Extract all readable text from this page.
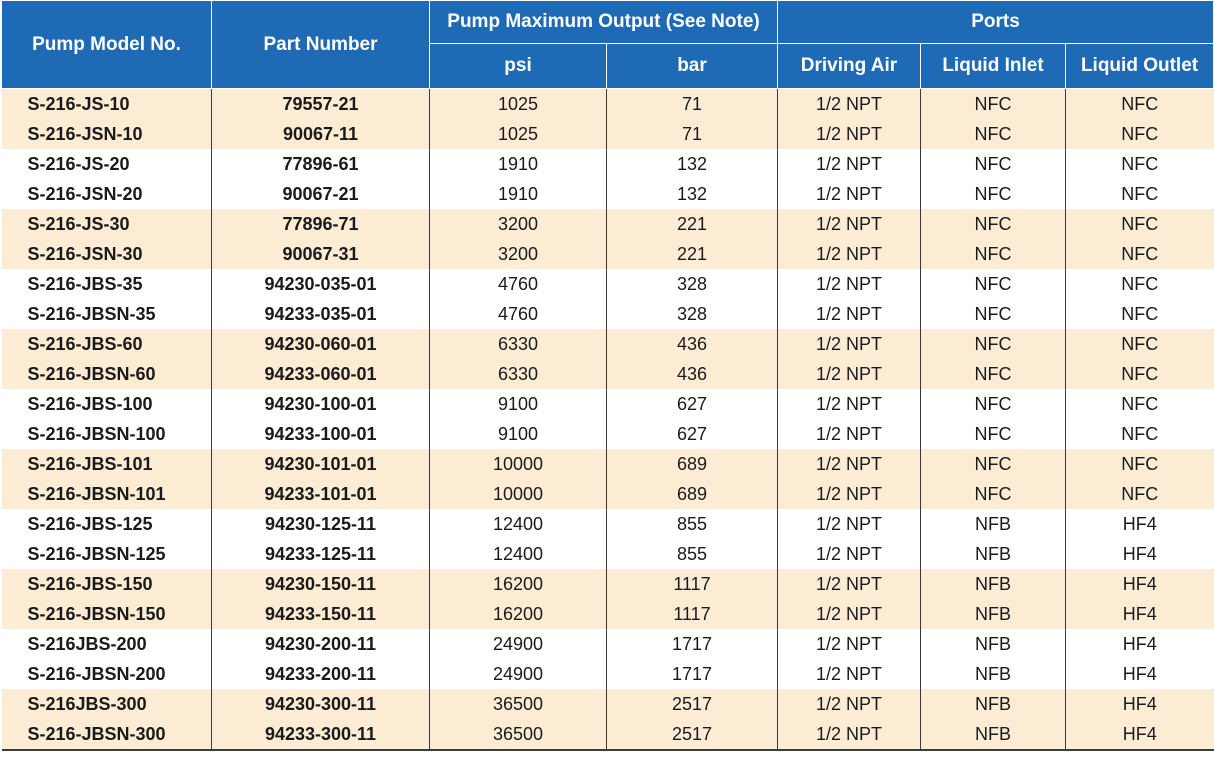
Pump Model No.	Part Number	Pump Maximum Output (See Note)		Ports		
		psi	bar	Driving Air	Liquid Inlet	Liquid Outlet
S-216-JS-10	79557-21	1025	71	1/2 NPT	NFC	NFC
S-216-JSN-10	90067-11	1025	71	1/2 NPT	NFC	NFC
S-216-JS-20	77896-61	1910	132	1/2 NPT	NFC	NFC
S-216-JSN-20	90067-21	1910	132	1/2 NPT	NFC	NFC
S-216-JS-30	77896-71	3200	221	1/2 NPT	NFC	NFC
S-216-JSN-30	90067-31	3200	221	1/2 NPT	NFC	NFC
S-216-JBS-35	94230-035-01	4760	328	1/2 NPT	NFC	NFC
S-216-JBSN-35	94233-035-01	4760	328	1/2 NPT	NFC	NFC
S-216-JBS-60	94230-060-01	6330	436	1/2 NPT	NFC	NFC
S-216-JBSN-60	94233-060-01	6330	436	1/2 NPT	NFC	NFC
S-216-JBS-100	94230-100-01	9100	627	1/2 NPT	NFC	NFC
S-216-JBSN-100	94233-100-01	9100	627	1/2 NPT	NFC	NFC
S-216-JBS-101	94230-101-01	10000	689	1/2 NPT	NFC	NFC
S-216-JBSN-101	94233-101-01	10000	689	1/2 NPT	NFC	NFC
S-216-JBS-125	94230-125-11	12400	855	1/2 NPT	NFB	HF4
S-216-JBSN-125	94233-125-11	12400	855	1/2 NPT	NFB	HF4
S-216-JBS-150	94230-150-11	16200	1117	1/2 NPT	NFB	HF4
S-216-JBSN-150	94233-150-11	16200	1117	1/2 NPT	NFB	HF4
S-216JBS-200	94230-200-11	24900	1717	1/2 NPT	NFB	HF4
S-216-JBSN-200	94233-200-11	24900	1717	1/2 NPT	NFB	HF4
S-216JBS-300	94230-300-11	36500	2517	1/2 NPT	NFB	HF4
S-216-JBSN-300	94233-300-11	36500	2517	1/2 NPT	NFB	HF4
